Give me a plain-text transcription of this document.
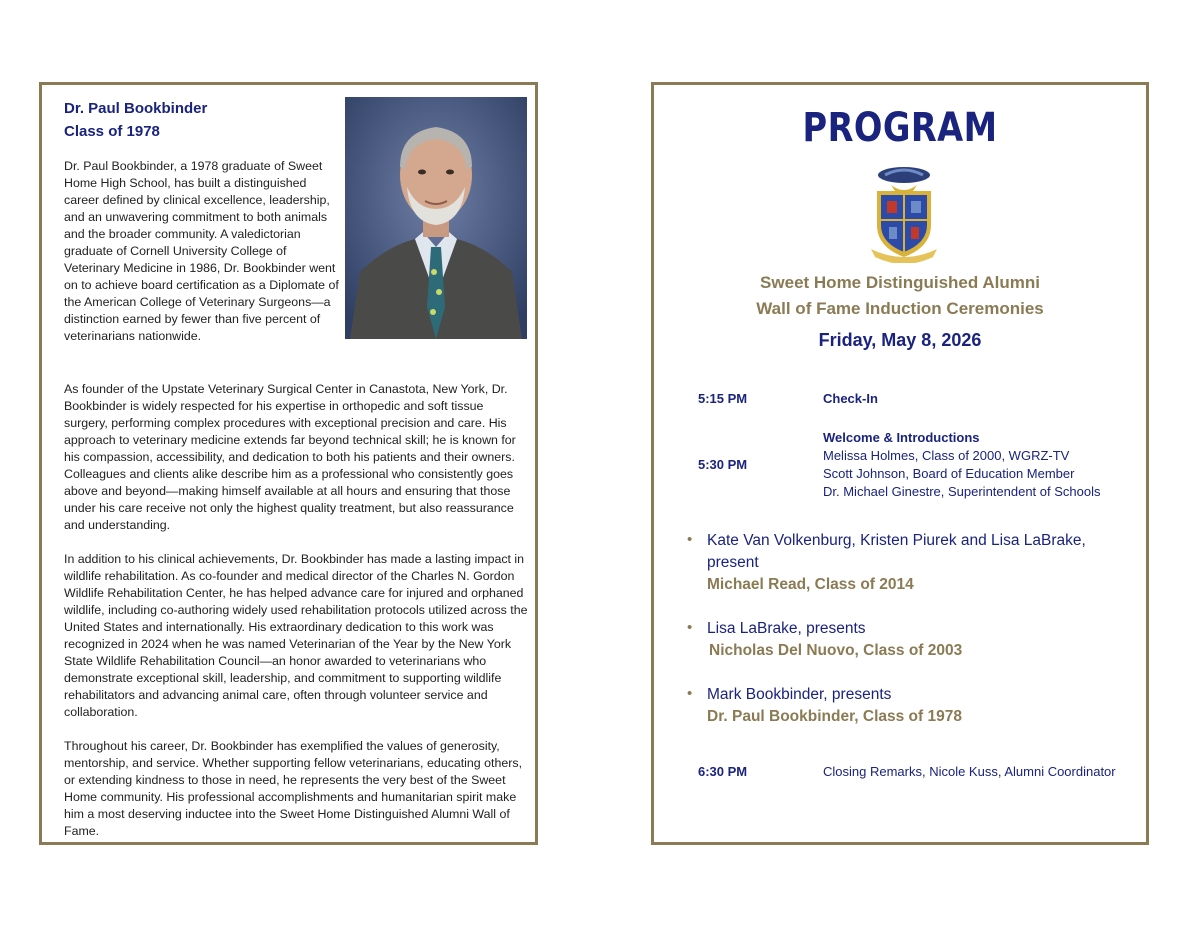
Dr. Paul Bookbinder
Class of 1978

Dr. Paul Bookbinder, a 1978 graduate of Sweet Home High School, has built a distinguished career defined by clinical excellence, leadership, and an unwavering commitment to both animals and the broader community. A valedictorian graduate of Cornell University College of Veterinary Medicine in 1986, Dr. Bookbinder went on to achieve board certification as a Diplomate of the American College of Veterinary Surgeons—a distinction earned by fewer than five percent of veterinarians nationwide.

As founder of the Upstate Veterinary Surgical Center in Canastota, New York, Dr. Bookbinder is widely respected for his expertise in orthopedic and soft tissue surgery, performing complex procedures with exceptional precision and care. His approach to veterinary medicine extends far beyond technical skill; he is known for his compassion, accessibility, and dedication to both his patients and their owners. Colleagues and clients alike describe him as a professional who consistently goes above and beyond—making himself available at all hours and ensuring that those under his care receive not only the highest quality treatment, but also reassurance and understanding.

In addition to his clinical achievements, Dr. Bookbinder has made a lasting impact in wildlife rehabilitation. As co-founder and medical director of the Charles N. Gordon Wildlife Rehabilitation Center, he has helped advance care for injured and orphaned wildlife, including co-authoring widely used rehabilitation protocols utilized across the United States and internationally. His extraordinary dedication to this work was recognized in 2024 when he was named Veterinarian of the Year by the New York State Wildlife Rehabilitation Council—an honor awarded to veterinarians who demonstrate exceptional skill, leadership, and commitment to supporting wildlife rehabilitators and advancing animal care, often through volunteer service and collaboration.

Throughout his career, Dr. Bookbinder has exemplified the values of generosity, mentorship, and service. Whether supporting fellow veterinarians, educating others, or extending kindness to those in need, he represents the very best of the Sweet Home community. His professional accomplishments and humanitarian spirit make him a most deserving inductee into the Sweet Home Distinguished Alumni Wall of Fame.

PROGRAM
Sweet Home Distinguished Alumni
Wall of Fame Induction Ceremonies
Friday, May 8, 2026
5:15 PM	Check-In
5:30 PM
Welcome & Introductions
Melissa Holmes, Class of 2000, WGRZ-TV
Scott Johnson, Board of Education Member
Dr. Michael Ginestre, Superintendent of Schools
• Kate Van Volkenburg, Kristen Piurek and Lisa LaBrake, present
Michael Read, Class of 2014
• Lisa LaBrake, presents
Nicholas Del Nuovo, Class of 2003
• Mark Bookbinder, presents
Dr. Paul Bookbinder, Class of 1978
6:30 PM	Closing Remarks, Nicole Kuss, Alumni Coordinator
